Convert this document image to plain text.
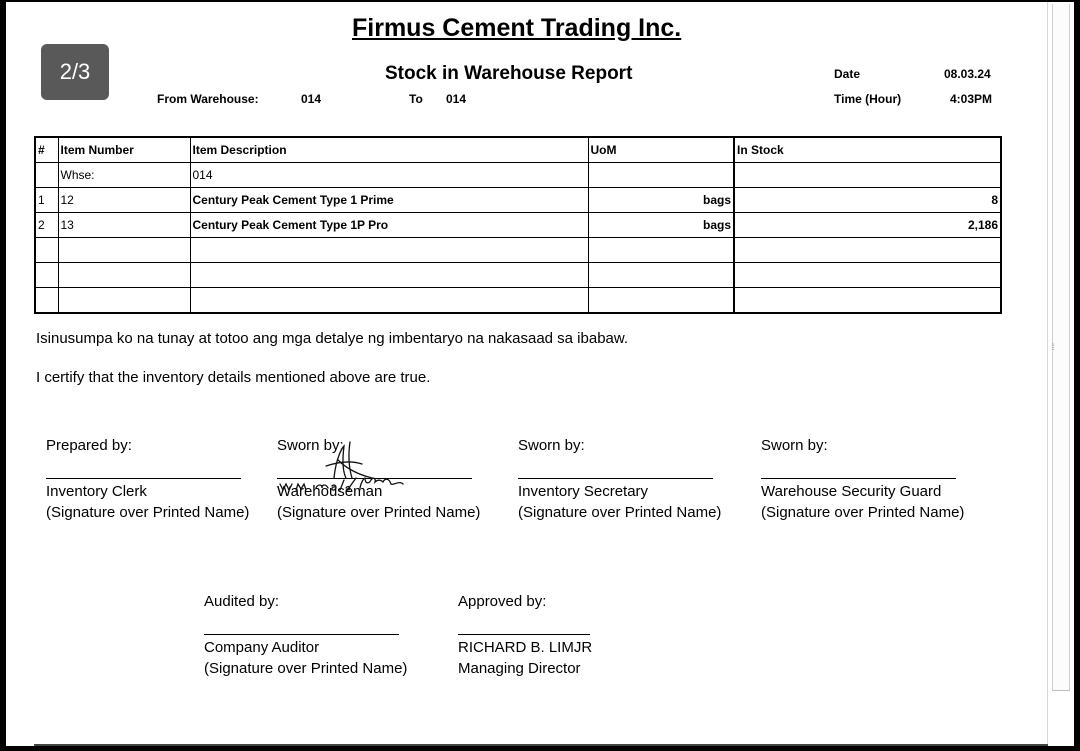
⁞⁞
Firmus Cement Trading Inc.
Stock in Warehouse Report
From Warehouse:	014	To 014
Date	08.03.24
Time (Hour)	4:03PM
#	Item Number	Item Description	UoM	In Stock
	Whse:	014		
1	12	Century Peak Cement Type 1 Prime	bags	8
2	13	Century Peak Cement Type 1P Pro	bags	2,186

Isinusumpa ko na tunay at totoo ang mga detalye ng imbentaryo na nakasaad sa ibabaw.
I certify that the inventory details mentioned above are true.
Prepared by:
Inventory Clerk
(Signature over Printed Name)
Sworn by:
Warehouseman
(Signature over Printed Name)
Sworn by:
Inventory Secretary
(Signature over Printed Name)
Sworn by:
Warehouse Security Guard
(Signature over Printed Name)
Audited by:
Company Auditor
(Signature over Printed Name)
Approved by:
RICHARD B. LIMJR
Managing Director
2/3
